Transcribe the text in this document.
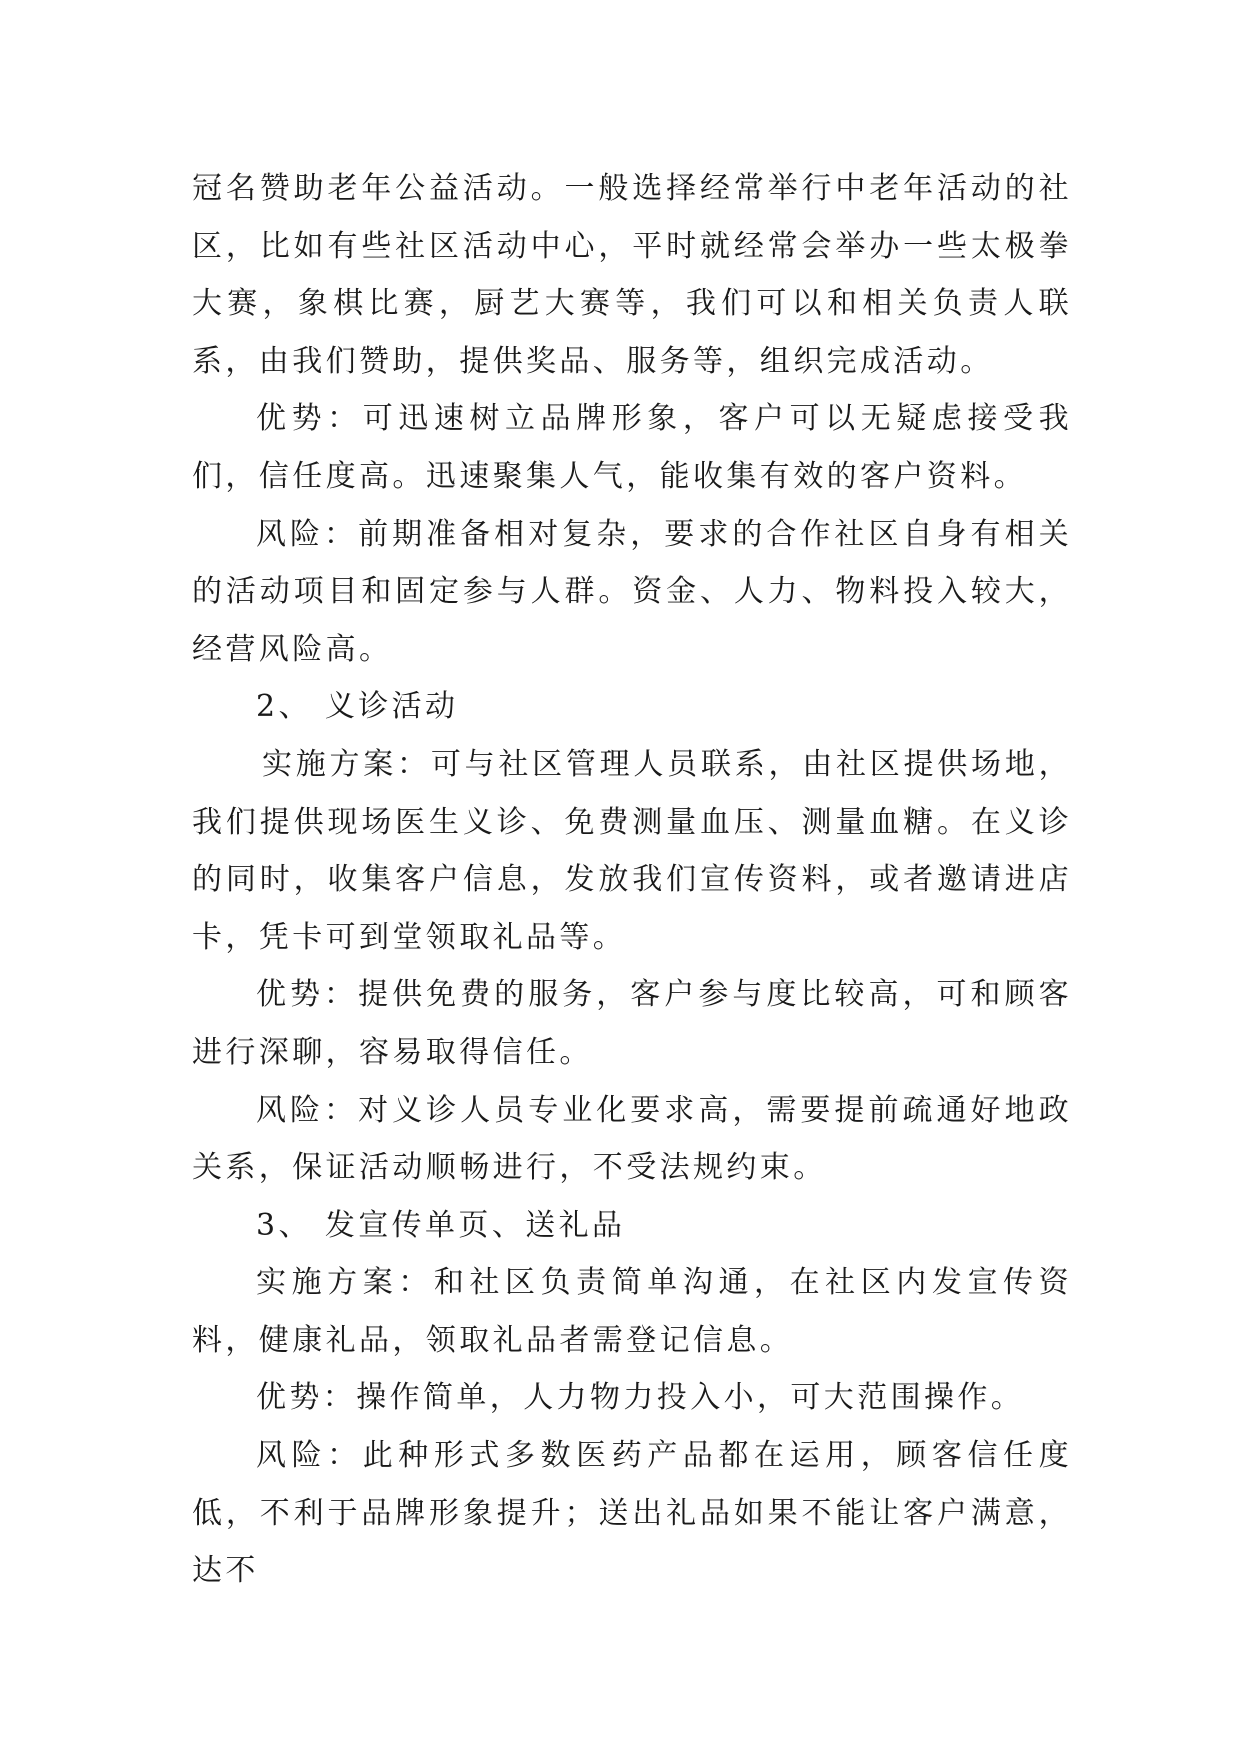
冠名赞助老年公益活动。一般选择经常举行中老年活动的社区，比如有些社区活动中心，平时就经常会举办一些太极拳大赛，象棋比赛，厨艺大赛等，我们可以和相关负责人联系，由我们赞助，提供奖品、服务等，组织完成活动。

优势：可迅速树立品牌形象，客户可以无疑虑接受我们，信任度高。迅速聚集人气，能收集有效的客户资料。

风险：前期准备相对复杂，要求的合作社区自身有相关的活动项目和固定参与人群。资金、人力、物料投入较大，经营风险高。

2、 义诊活动

实施方案：可与社区管理人员联系，由社区提供场地，我们提供现场医生义诊、免费测量血压、测量血糖。在义诊的同时，收集客户信息，发放我们宣传资料，或者邀请进店卡，凭卡可到堂领取礼品等。

优势：提供免费的服务，客户参与度比较高，可和顾客进行深聊，容易取得信任。

风险：对义诊人员专业化要求高，需要提前疏通好地政关系，保证活动顺畅进行，不受法规约束。

3、 发宣传单页、送礼品

实施方案：和社区负责简单沟通，在社区内发宣传资料，健康礼品，领取礼品者需登记信息。

优势：操作简单，人力物力投入小，可大范围操作。

风险：此种形式多数医药产品都在运用，顾客信任度低，不利于品牌形象提升；送出礼品如果不能让客户满意，达不
